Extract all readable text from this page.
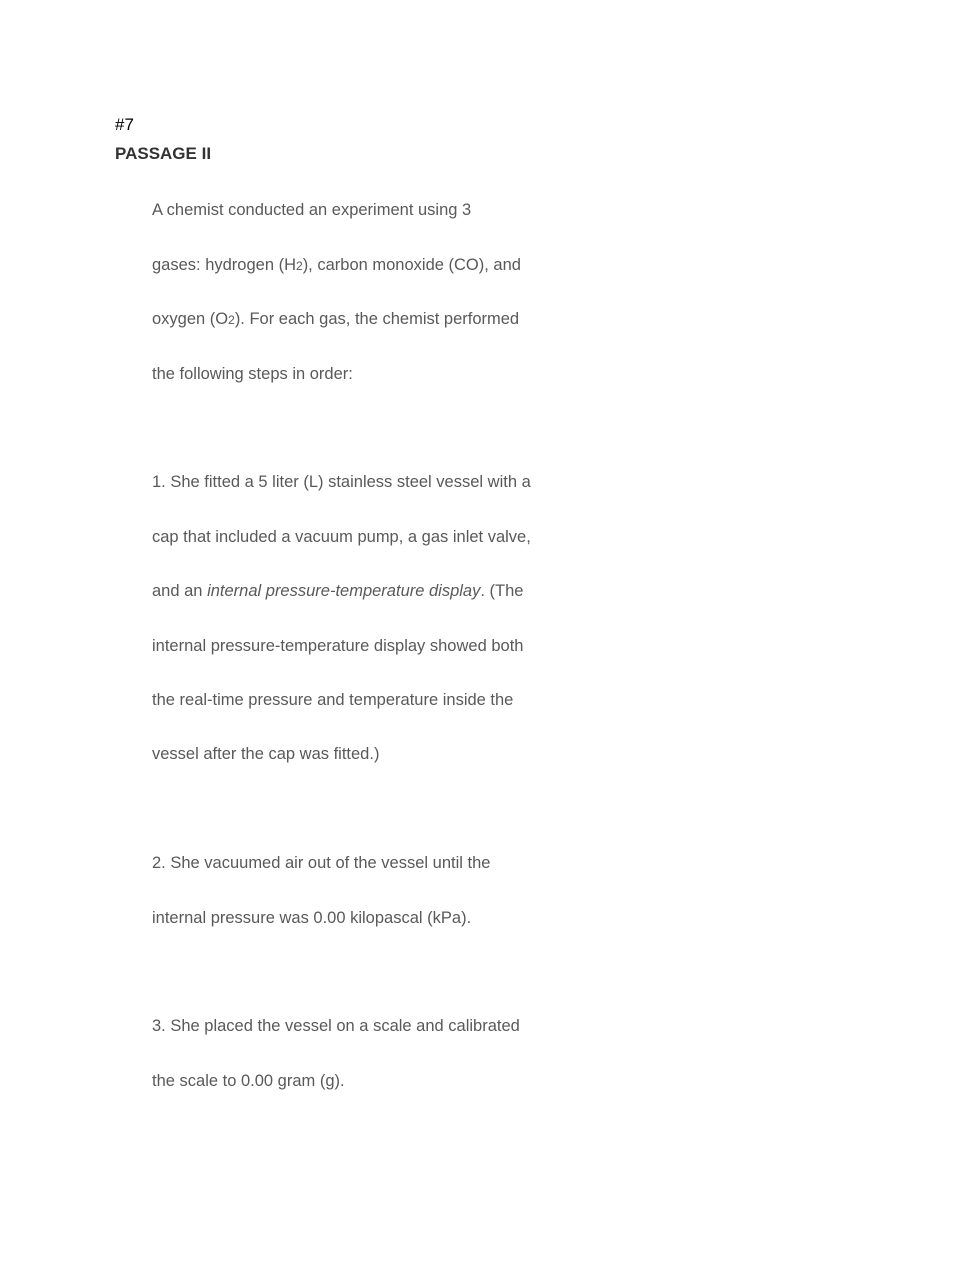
#7
PASSAGE II
A chemist conducted an experiment using 3
gases: hydrogen (H2), carbon monoxide (CO), and
oxygen (O2). For each gas, the chemist performed
the following steps in order:
1. She fitted a 5 liter (L) stainless steel vessel with a
cap that included a vacuum pump, a gas inlet valve,
and an internal pressure-temperature display. (The
internal pressure-temperature display showed both
the real-time pressure and temperature inside the
vessel after the cap was fitted.)
2. She vacuumed air out of the vessel until the
internal pressure was 0.00 kilopascal (kPa).
3. She placed the vessel on a scale and calibrated
the scale to 0.00 gram (g).
